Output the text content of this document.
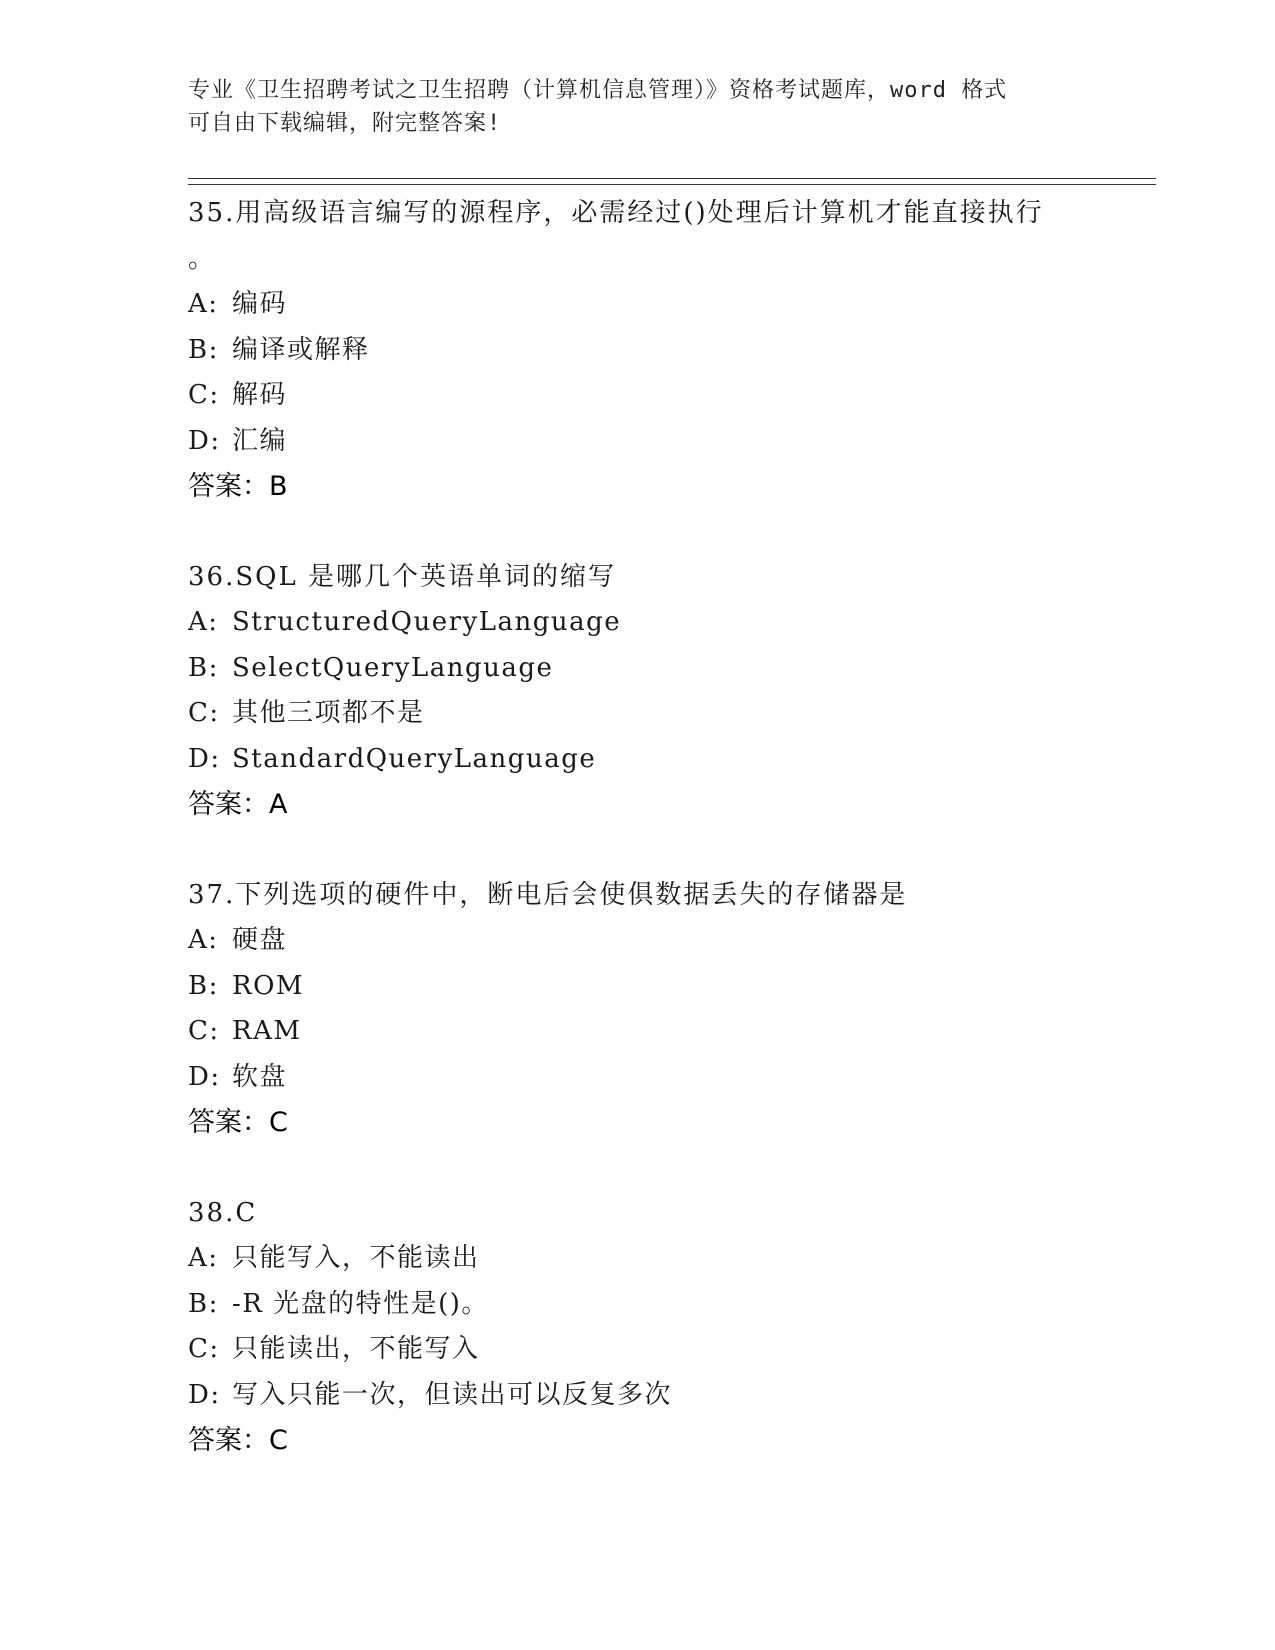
专业《卫生招聘考试之卫生招聘（计算机信息管理）》资格考试题库，word 格式
可自由下载编辑，附完整答案!
35.用高级语言编写的源程序，必需经过()处理后计算机才能直接执行
。
A: 编码
B: 编译或解释
C: 解码
D: 汇编
答案：B
36.SQL 是哪几个英语单词的缩写
A: StructuredQueryLanguage
B: SelectQueryLanguage
C: 其他三项都不是
D: StandardQueryLanguage
答案：A
37.下列选项的硬件中，断电后会使俱数据丢失的存储器是
A: 硬盘
B: ROM
C: RAM
D: 软盘
答案：C
38.C
A: 只能写入，不能读出
B: -R 光盘的特性是()。
C: 只能读出，不能写入
D: 写入只能一次，但读出可以反复多次
答案：C
